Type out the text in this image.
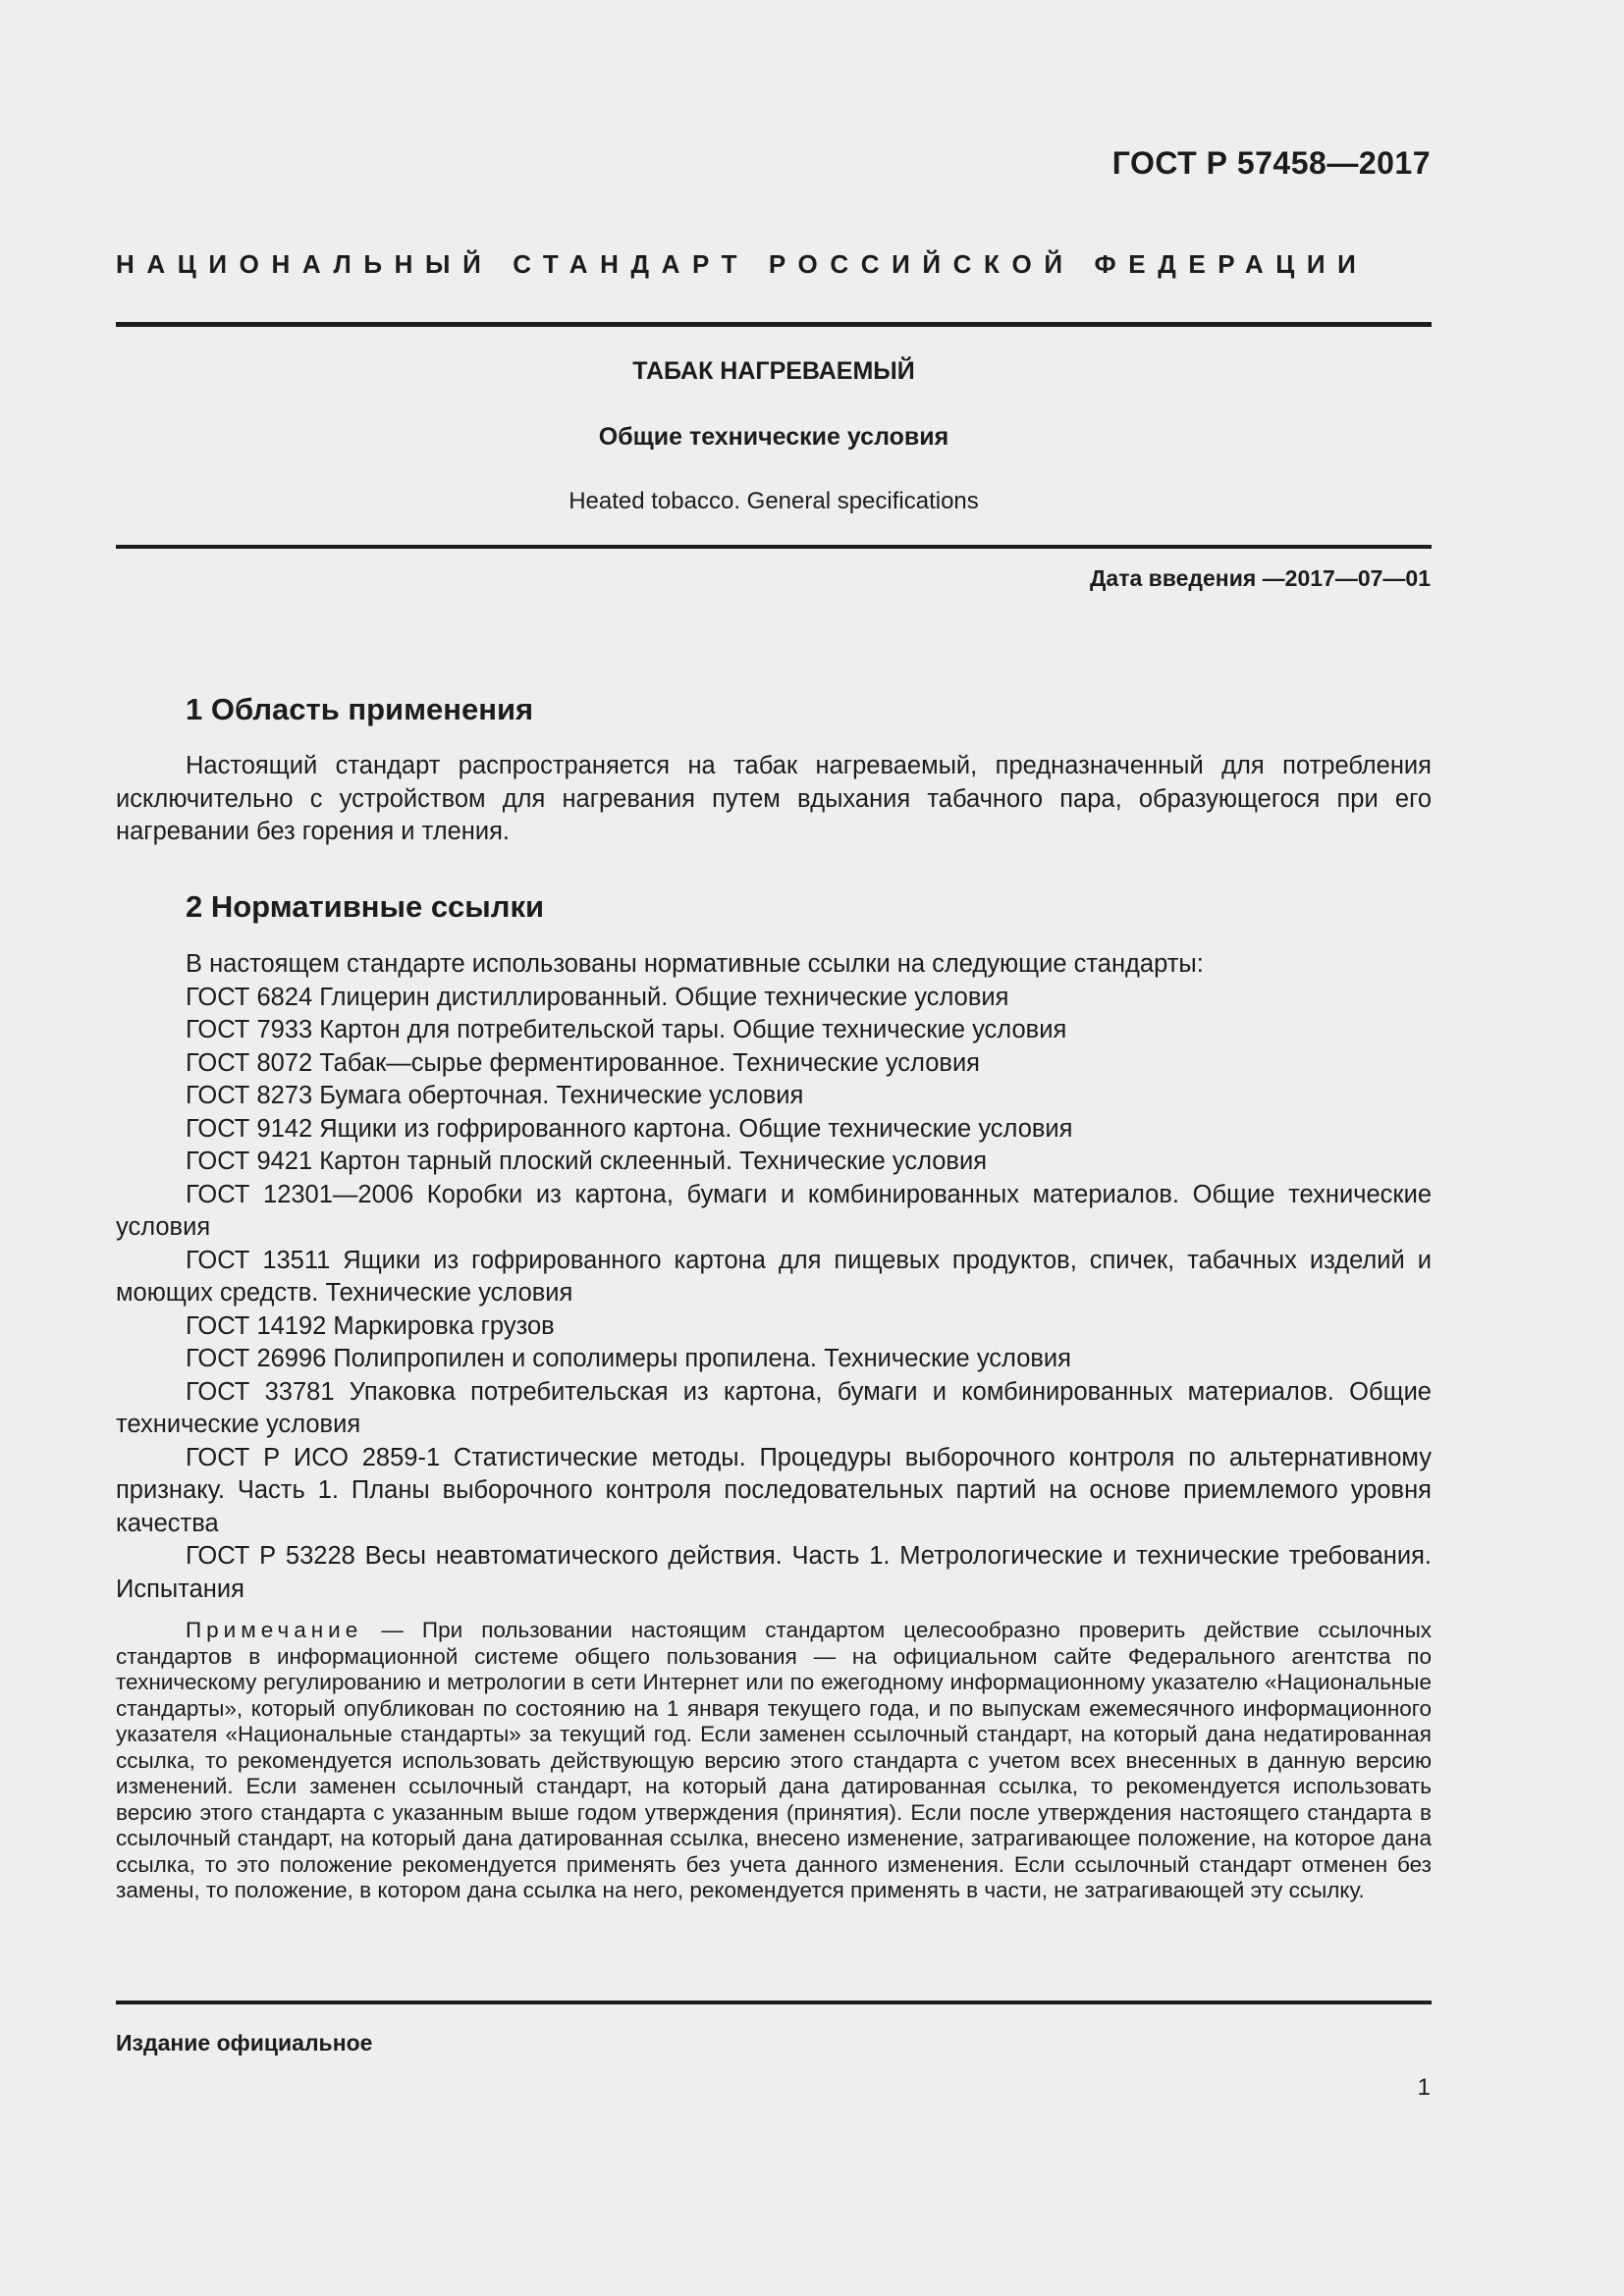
ГОСТ Р 57458—2017
НАЦИОНАЛЬНЫЙ СТАНДАРТ РОССИЙСКОЙ ФЕДЕРАЦИИ
ТАБАК НАГРЕВАЕМЫЙ
Общие технические условия
Heated tobacco. General specifications
Дата введения —2017—07—01
1 Область применения

Настоящий стандарт распространяется на табак нагреваемый, предназначенный для потребления исключительно с устройством для нагревания путем вдыхания табачного пара, образующегося при его нагревании без горения и тления.

2 Нормативные ссылки

В настоящем стандарте использованы нормативные ссылки на следующие стандарты:

ГОСТ 6824 Глицерин дистиллированный. Общие технические условия

ГОСТ 7933 Картон для потребительской тары. Общие технические условия

ГОСТ 8072 Табак—сырье ферментированное. Технические условия

ГОСТ 8273 Бумага оберточная. Технические условия

ГОСТ 9142 Ящики из гофрированного картона. Общие технические условия

ГОСТ 9421 Картон тарный плоский склеенный. Технические условия

ГОСТ 12301—2006 Коробки из картона, бумаги и комбинированных материалов. Общие технические условия

ГОСТ 13511 Ящики из гофрированного картона для пищевых продуктов, спичек, табачных изделий и моющих средств. Технические условия

ГОСТ 14192 Маркировка грузов

ГОСТ 26996 Полипропилен и сополимеры пропилена. Технические условия

ГОСТ 33781 Упаковка потребительская из картона, бумаги и комбинированных материалов. Общие технические условия

ГОСТ Р ИСО 2859-1 Статистические методы. Процедуры выборочного контроля по альтернативному признаку. Часть 1. Планы выборочного контроля последовательных партий на основе приемлемого уровня качества

ГОСТ Р 53228 Весы неавтоматического действия. Часть 1. Метрологические и технические требования. Испытания

Примечание — При пользовании настоящим стандартом целесообразно проверить действие ссылочных стандартов в информационной системе общего пользования — на официальном сайте Федерального агентства по техническому регулированию и метрологии в сети Интернет или по ежегодному информационному указателю «Национальные стандарты», который опубликован по состоянию на 1 января текущего года, и по выпускам ежемесячного информационного указателя «Национальные стандарты» за текущий год. Если заменен ссылочный стандарт, на который дана недатированная ссылка, то рекомендуется использовать действующую версию этого стандарта с учетом всех внесенных в данную версию изменений. Если заменен ссылочный стандарт, на который дана датированная ссылка, то рекомендуется использовать версию этого стандарта с указанным выше годом утверждения (принятия). Если после утверждения настоящего стандарта в ссылочный стандарт, на который дана датированная ссылка, внесено изменение, затрагивающее положение, на которое дана ссылка, то это положение рекомендуется применять без учета данного изменения. Если ссылочный стандарт отменен без замены, то положение, в котором дана ссылка на него, рекомендуется применять в части, не затрагивающей эту ссылку.
Издание официальное
1
